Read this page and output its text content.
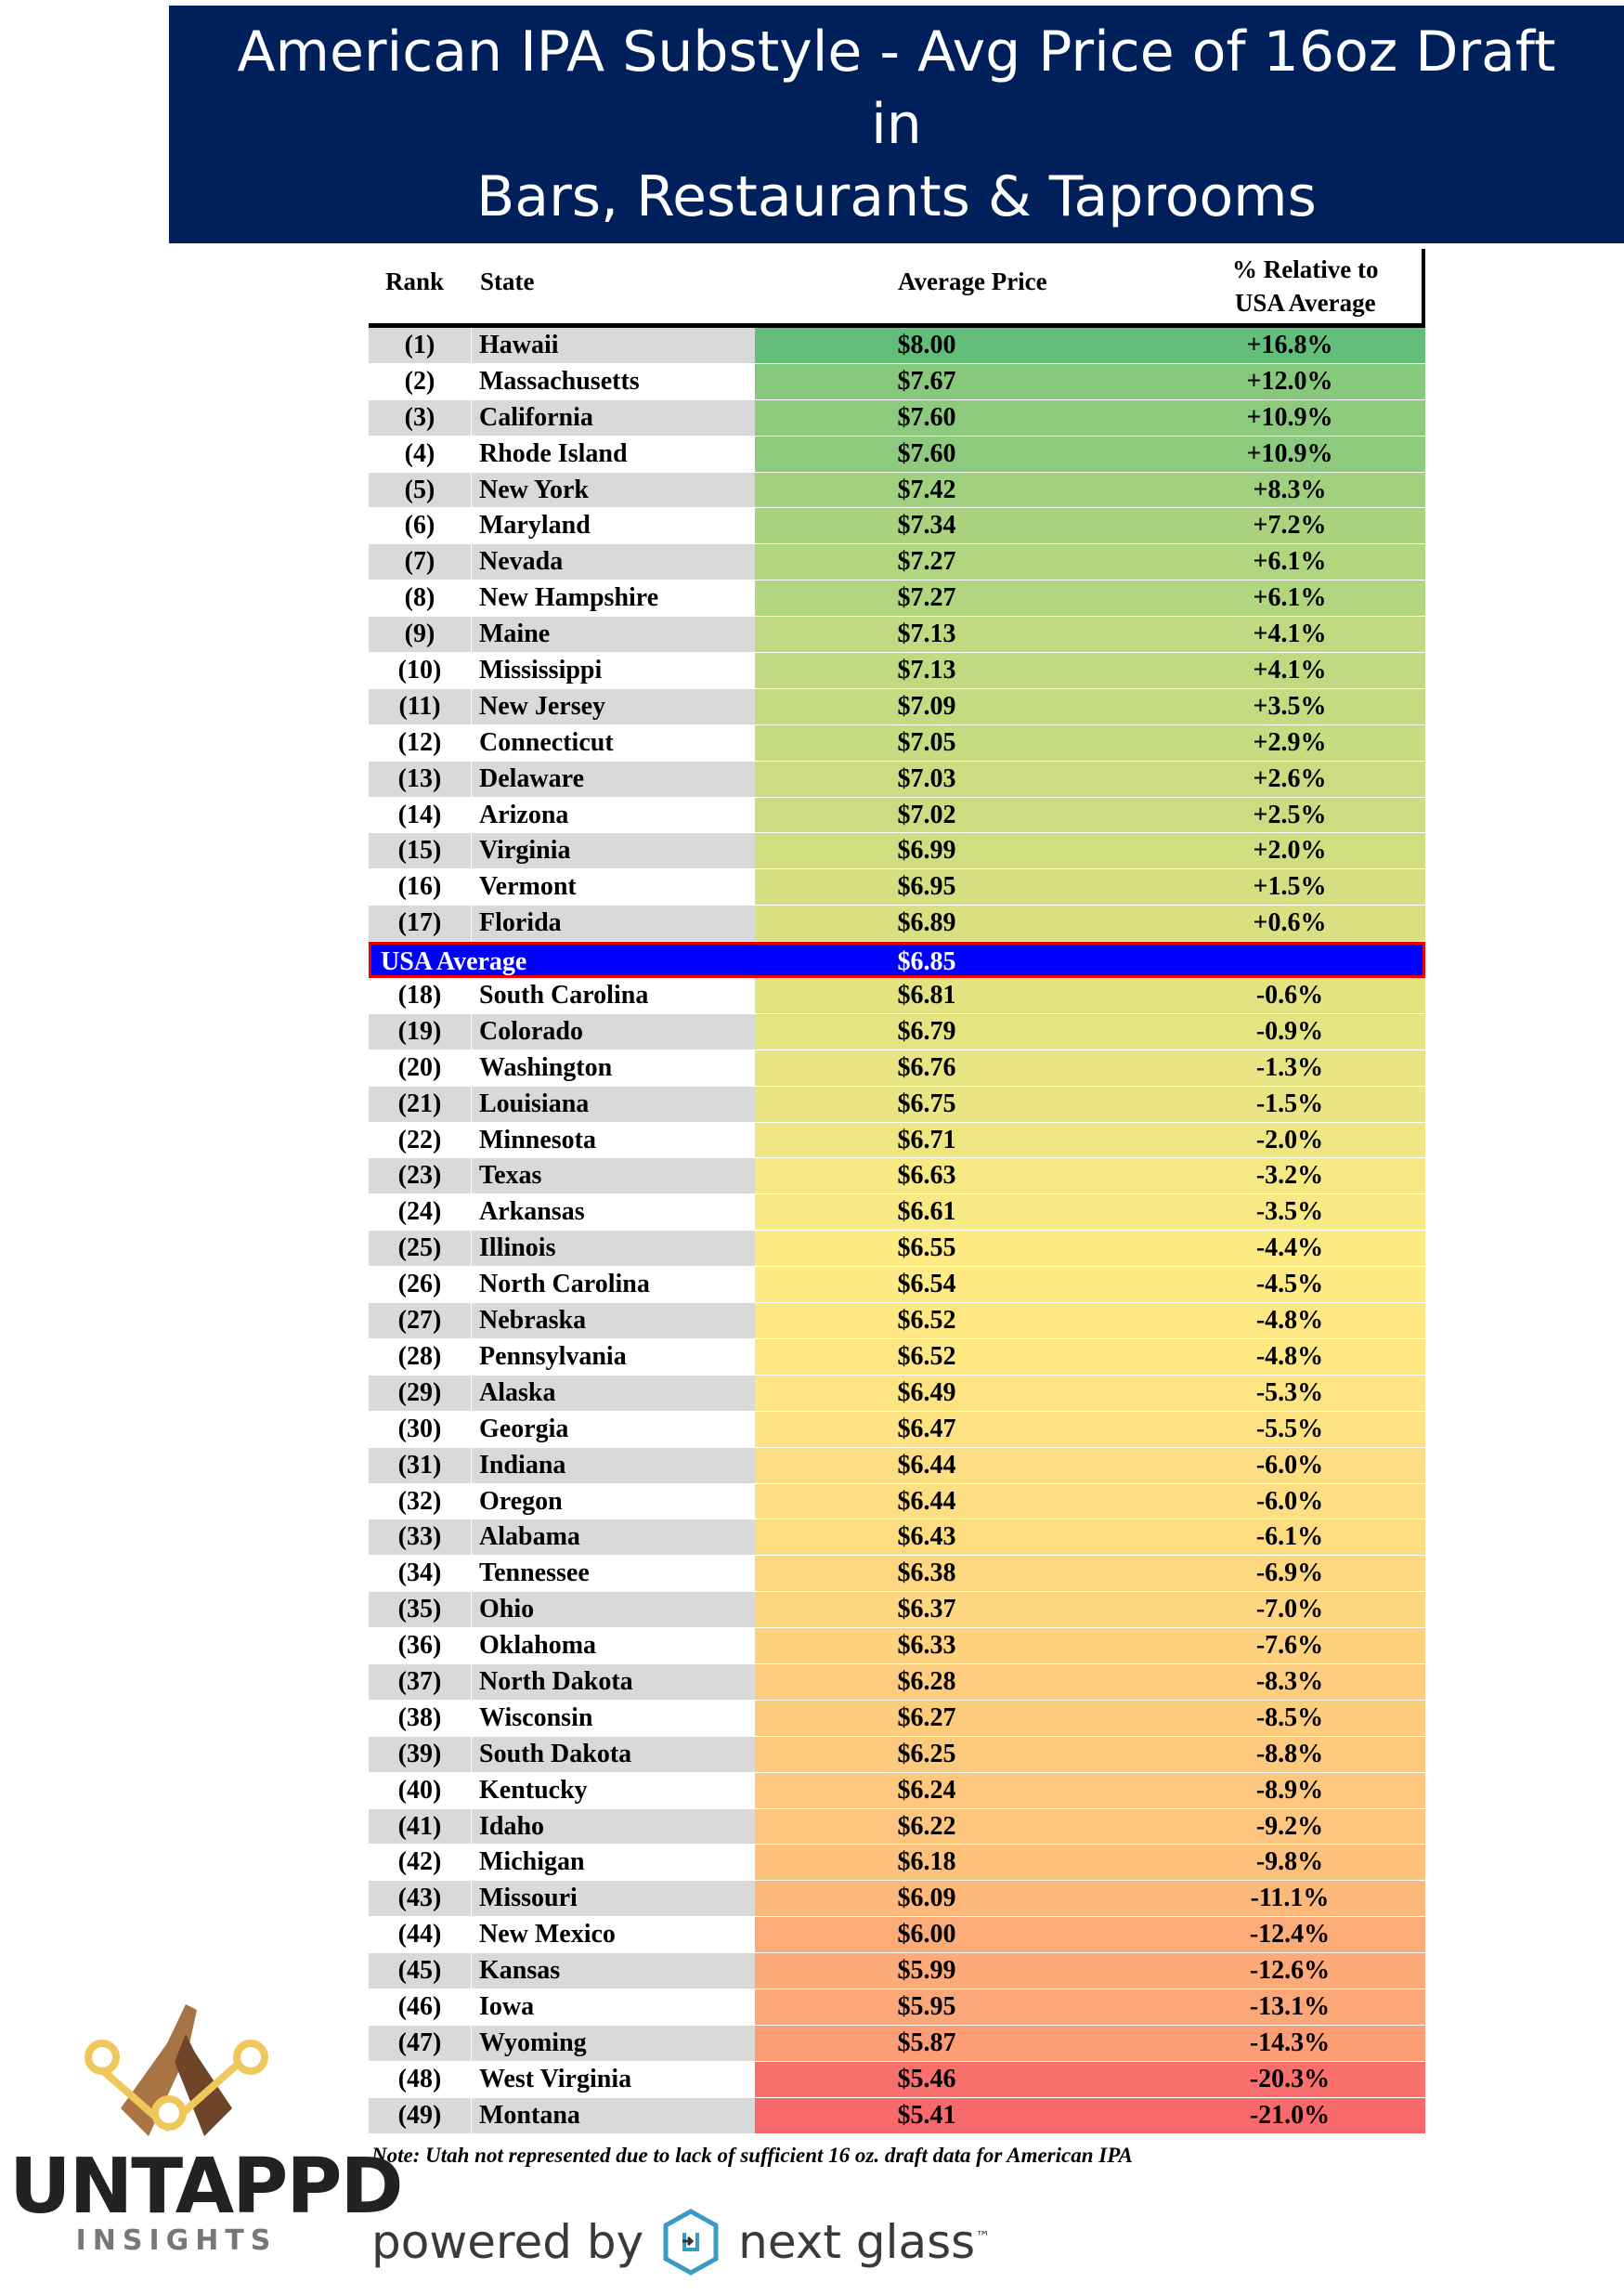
American IPA Substyle - Avg Price of 16oz Draft
in
Bars, Restaurants & Taprooms
Rank State	Average Price	% Relative to
USA Average
(1)	Hawaii	$8.00	+16.8%
(2)	Massachusetts	$7.67	+12.0%
(3)	California	$7.60	+10.9%
(4)	Rhode Island	$7.60	+10.9%
(5)	New York	$7.42	+8.3%
(6)	Maryland	$7.34	+7.2%
(7)	Nevada	$7.27	+6.1%
(8)	New Hampshire	$7.27	+6.1%
(9)	Maine	$7.13	+4.1%
(10)	Mississippi	$7.13	+4.1%
(11)	New Jersey	$7.09	+3.5%
(12)	Connecticut	$7.05	+2.9%
(13)	Delaware	$7.03	+2.6%
(14)	Arizona	$7.02	+2.5%
(15)	Virginia	$6.99	+2.0%
(16)	Vermont	$6.95	+1.5%
(17)	Florida	$6.89	+0.6%
USA Average	$6.85
(18)	South Carolina	$6.81	-0.6%
(19)	Colorado	$6.79	-0.9%
(20)	Washington	$6.76	-1.3%
(21)	Louisiana	$6.75	-1.5%
(22)	Minnesota	$6.71	-2.0%
(23)	Texas	$6.63	-3.2%
(24)	Arkansas	$6.61	-3.5%
(25)	Illinois	$6.55	-4.4%
(26)	North Carolina	$6.54	-4.5%
(27)	Nebraska	$6.52	-4.8%
(28)	Pennsylvania	$6.52	-4.8%
(29)	Alaska	$6.49	-5.3%
(30)	Georgia	$6.47	-5.5%
(31)	Indiana	$6.44	-6.0%
(32)	Oregon	$6.44	-6.0%
(33)	Alabama	$6.43	-6.1%
(34)	Tennessee	$6.38	-6.9%
(35)	Ohio	$6.37	-7.0%
(36)	Oklahoma	$6.33	-7.6%
(37)	North Dakota	$6.28	-8.3%
(38)	Wisconsin	$6.27	-8.5%
(39)	South Dakota	$6.25	-8.8%
(40)	Kentucky	$6.24	-8.9%
(41)	Idaho	$6.22	-9.2%
(42)	Michigan	$6.18	-9.8%
(43)	Missouri	$6.09	-11.1%
(44)	New Mexico	$6.00	-12.4%
(45)	Kansas	$5.99	-12.6%
(46)	Iowa	$5.95	-13.1%
(47)	Wyoming	$5.87	-14.3%
(48)	West Virginia	$5.46	-20.3%
(49)	Montana	$5.41	-21.0%
Note: Utah not represented due to lack of sufficient 16 oz. draft data for American IPA
powered by next glass™
UNTAPPD
INSIGHTS
